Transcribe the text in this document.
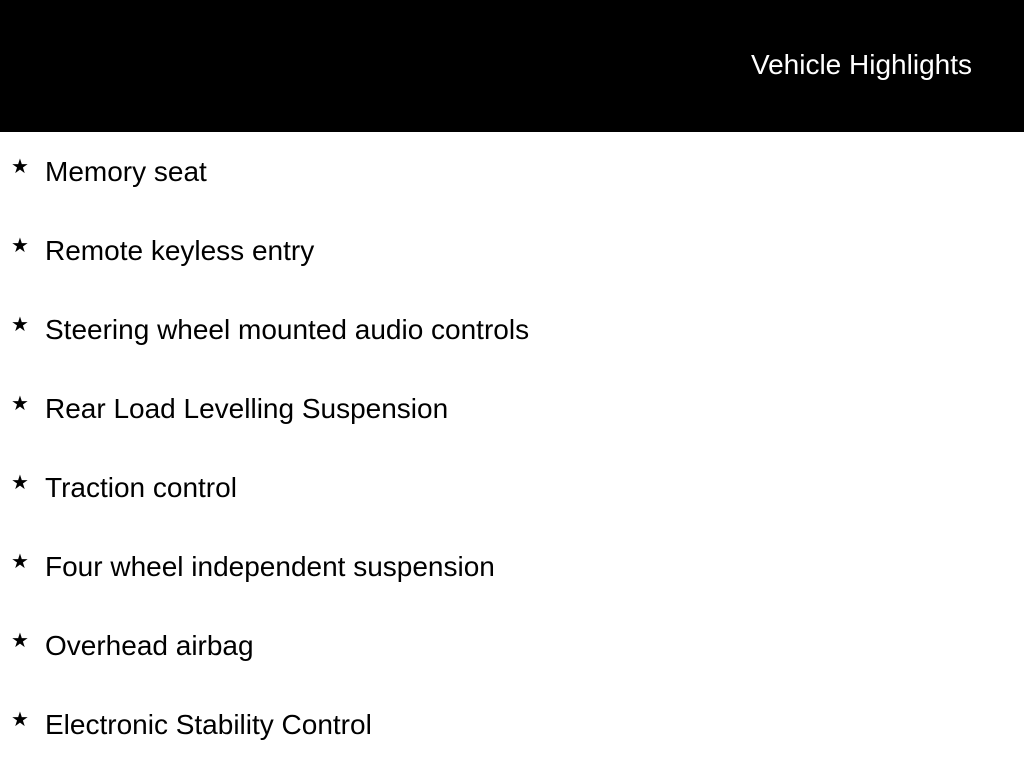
Vehicle Highlights
★ Memory seat
★ Remote keyless entry
★ Steering wheel mounted audio controls
★ Rear Load Levelling Suspension
★ Traction control
★ Four wheel independent suspension
★ Overhead airbag
★ Electronic Stability Control
